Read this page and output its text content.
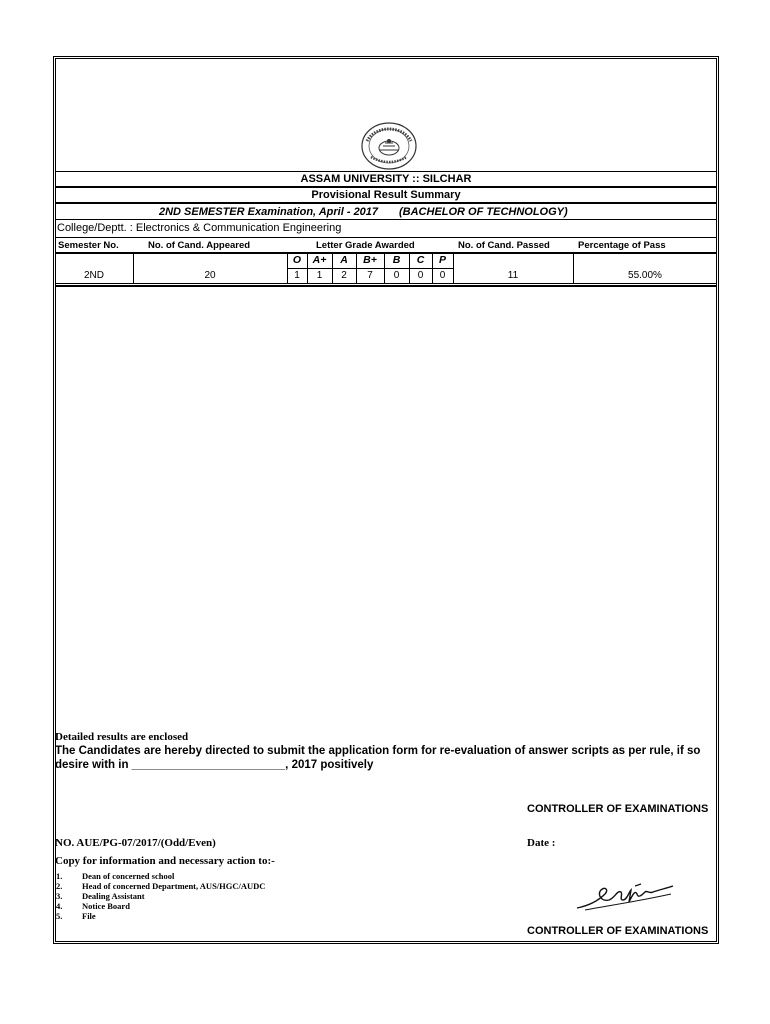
ASSAM UNIVERSITY :: SILCHAR
Provisional Result Summary
2ND SEMESTER Examination, April - 2017 (BACHELOR OF TECHNOLOGY)
College/Deptt. : Electronics & Communication Engineering
Semester No.	No. of Cand. Appeared	Letter Grade Awarded	No. of Cand. Passed	Percentage of Pass
O	A+	A	B+	B	C	P
2ND	20	1	1	2	7	0	0	0	11	55.00%
Detailed results are enclosed
The Candidates are hereby directed to submit the application form for re-evaluation of answer scripts as per rule, if so
desire with in ________________________, 2017 positively
CONTROLLER OF EXAMINATIONS
NO. AUE/PG-07/2017/(Odd/Even)	Date :
Copy for information and necessary action to:-
1. Dean of concerned school
2. Head of concerned Department, AUS/HGC/AUDC
3. Dealing Assistant
4. Notice Board
5. File
CONTROLLER OF EXAMINATIONS
